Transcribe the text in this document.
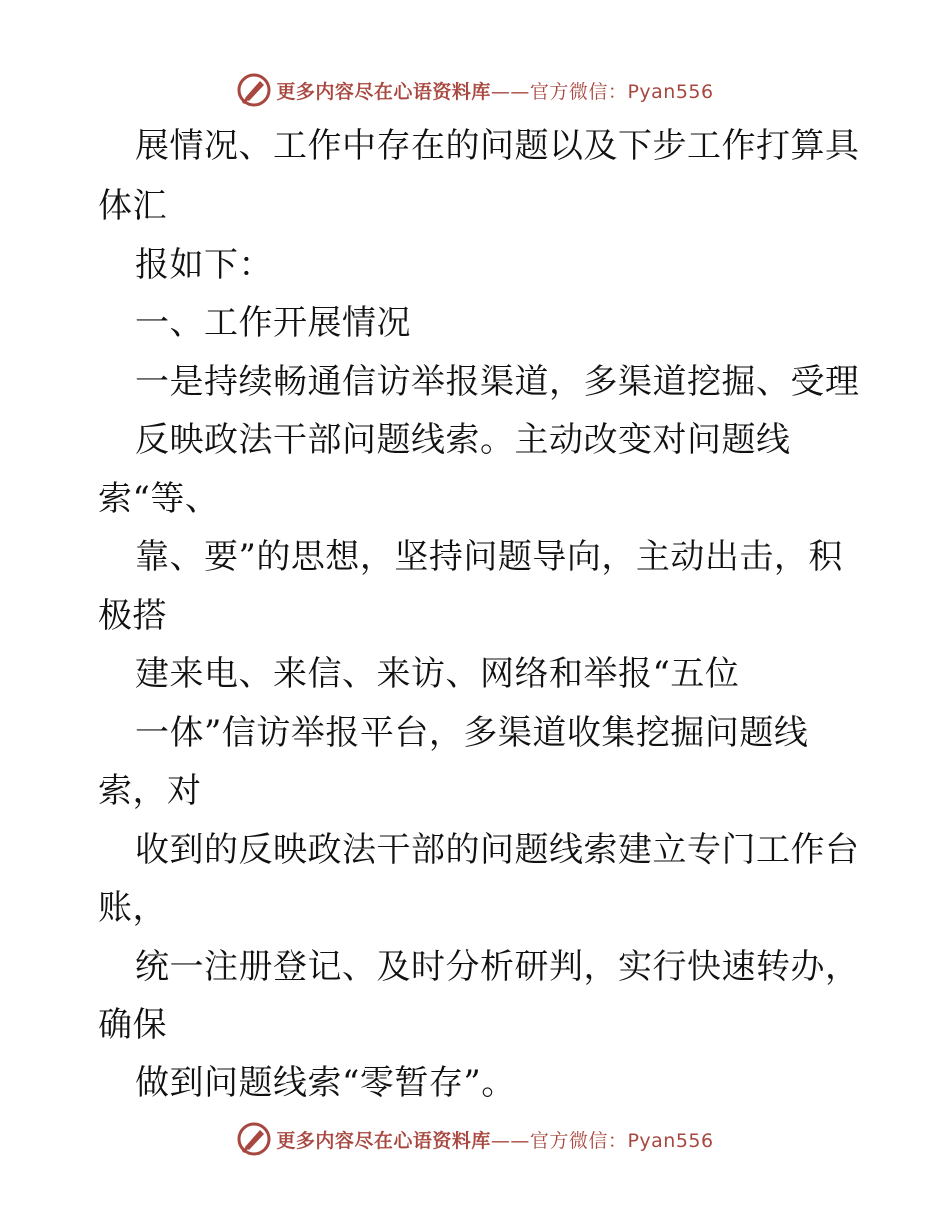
更多内容尽在心语资料库——官方微信：Pyan556
展情况、工作中存在的问题以及下步工作打算具
体汇
报如下：
一、工作开展情况
一是持续畅通信访举报渠道，多渠道挖掘、受理
反映政法干部问题线索。主动改变对问题线
索“等、
靠、要”的思想，坚持问题导向，主动出击，积
极搭
建来电、来信、来访、网络和举报“五位
一体”信访举报平台，多渠道收集挖掘问题线
索，对
收到的反映政法干部的问题线索建立专门工作台
账，
统一注册登记、及时分析研判，实行快速转办，
确保
做到问题线索“零暂存”。
更多内容尽在心语资料库——官方微信：Pyan556
